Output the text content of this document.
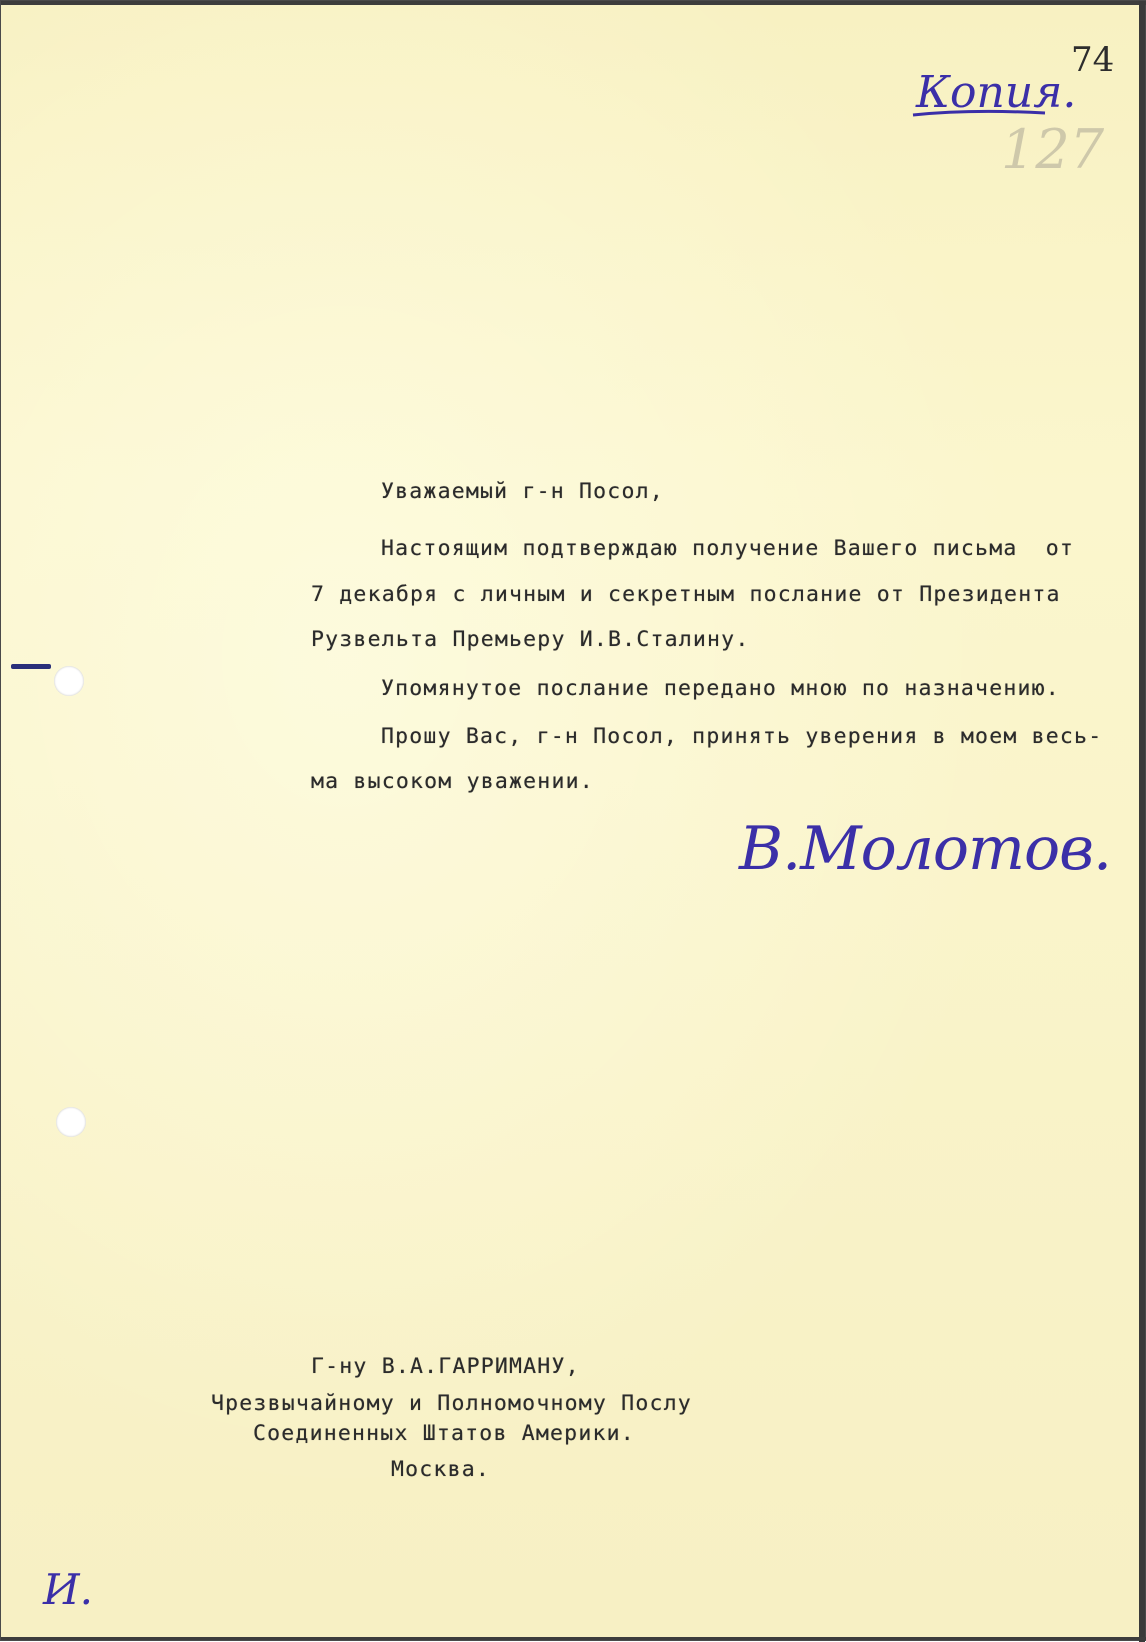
Копия.
74
127
Уважаемый г-н Посол,
Настоящим подтверждаю получение Вашего письма  от
7 декабря с личным и секретным послание от Президента
Рузвельта Премьеру И.В.Сталину.
Упомянутое послание передано мною по назначению.
Прошу Вас, г-н Посол, принять уверения в моем весь-
ма высоком уважении.
В.Молотов.
Г-ну В.А.ГАРРИМАНУ,
Чрезвычайному и Полномочному Послу
Соединенных Штатов Америки.
Москва.
И.
